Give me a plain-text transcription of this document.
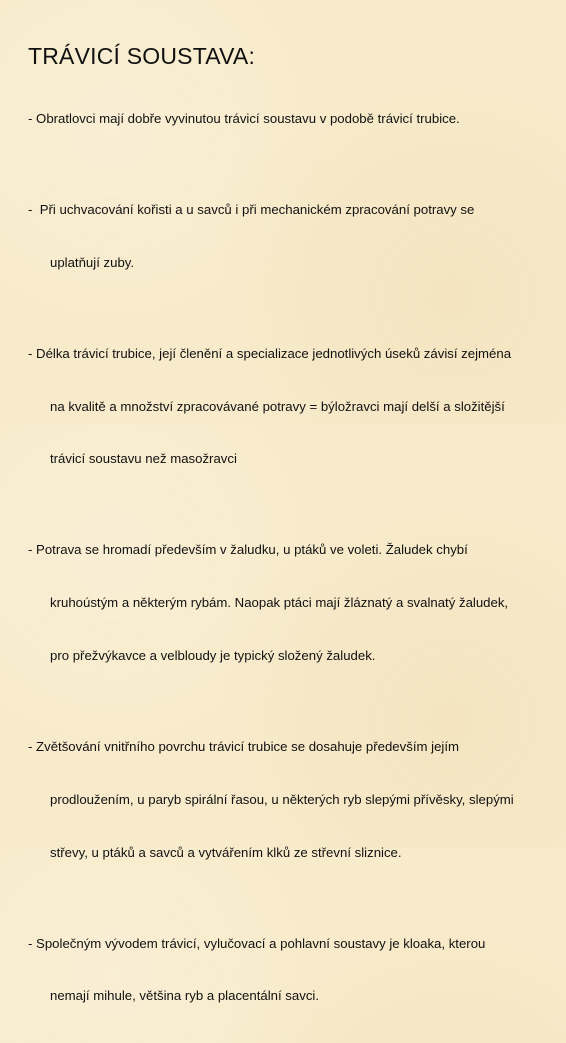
TRÁVICÍ SOUSTAVA:

- Obratlovci mají dobře vyvinutou trávicí soustavu v podobě trávicí trubice.

-  Při uchvacování kořisti a u savců i při mechanickém zpracování potravy se

uplatňují zuby.

- Délka trávicí trubice, její členění a specializace jednotlivých úseků závisí zejména

na kvalitě a množství zpracovávané potravy = býložravci mají delší a složitější

trávicí soustavu než masožravci

- Potrava se hromadí především v žaludku, u ptáků ve voleti. Žaludek chybí

kruhoústým a některým rybám. Naopak ptáci mají žláznatý a svalnatý žaludek,

pro přežvýkavce a velbloudy je typický složený žaludek.

- Zvětšování vnitřního povrchu trávicí trubice se dosahuje především jejím

prodloužením, u paryb spirální řasou, u některých ryb slepými přívěsky, slepými

střevy, u ptáků a savců a vytvářením klků ze střevní sliznice.

- Společným vývodem trávicí, vylučovací a pohlavní soustavy je kloaka, kterou

nemají mihule, většina ryb a placentální savci.
